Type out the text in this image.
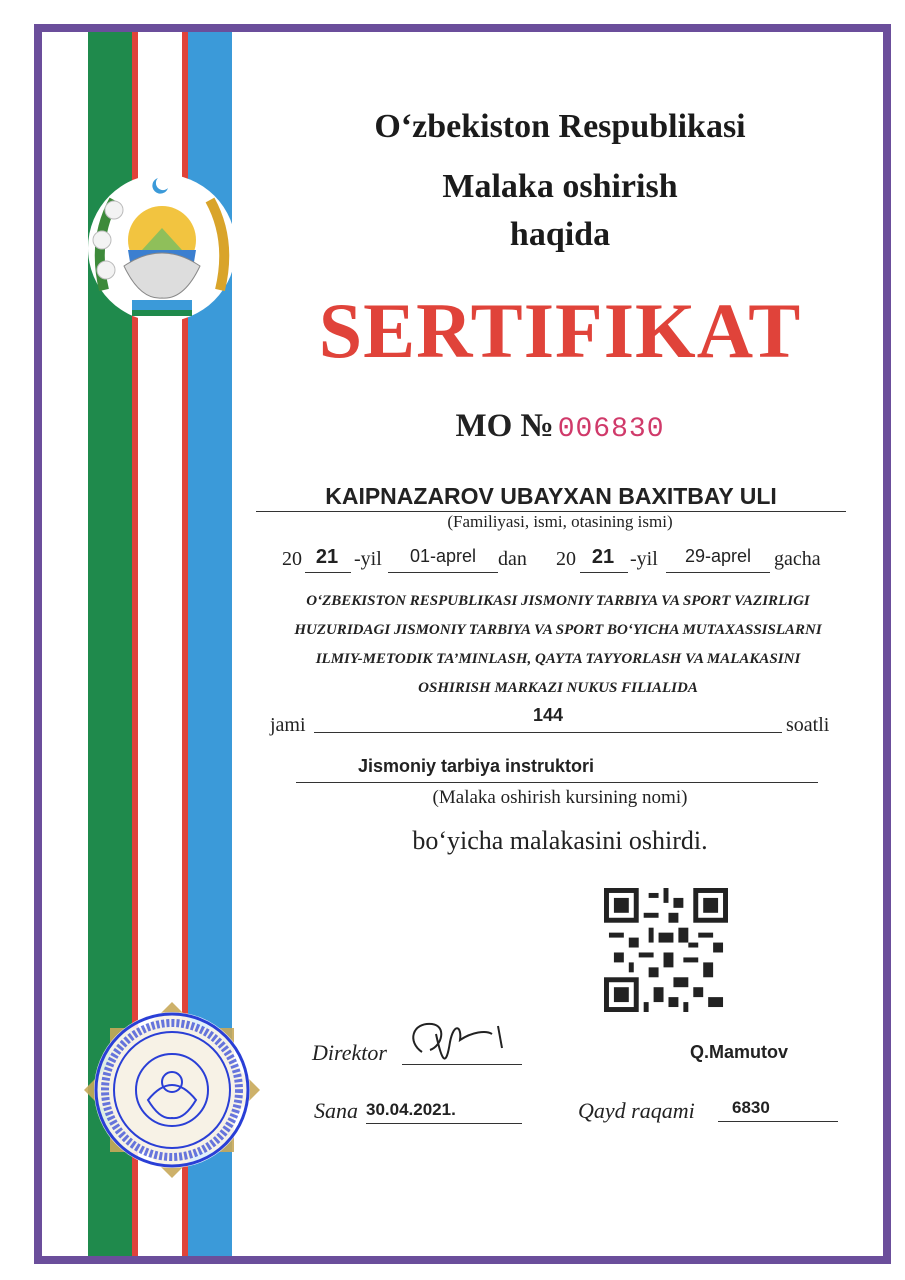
O‘zbekiston Respublikasi
Malaka oshirish
haqida
SERTIFIKAT
MO № 006830
KAIPNAZAROV UBAYXAN BAXITBAY ULI
(Familiyasi, ismi, otasining ismi)
20 21 -yil	01-aprel	dan 20 21 -yil	29-aprel	gacha
O‘ZBEKISTON RESPUBLIKASI JISMONIY TARBIYA VA SPORT VAZIRLIGI
HUZURIDAGI JISMONIY TARBIYA VA SPORT BO‘YICHA MUTAXASSISLARNI
ILMIY-METODIK TA’MINLASH, QAYTA TAYYORLASH VA MALAKASINI
OSHIRISH MARKAZI NUKUS FILIALIDA
jami	144	soatli
Jismoniy tarbiya instruktori
(Malaka oshirish kursining nomi)
bo‘yicha malakasini oshirdi.
Direktor	Q.Mamutov
Sana 30.04.2021.	Qayd raqami 6830
